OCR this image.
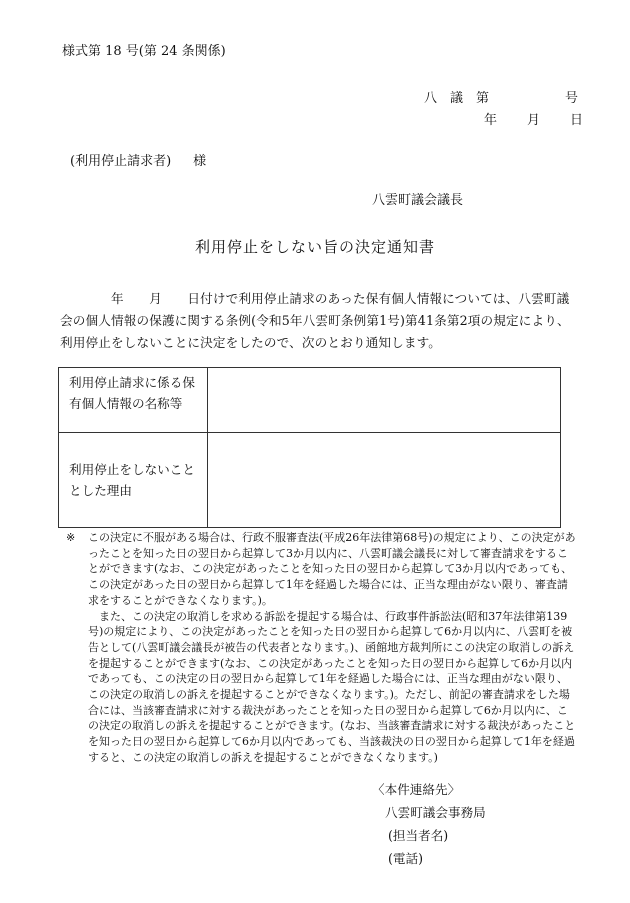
様式第 18 号(第 24 条関係)
八　議　第	号
年 月 日
(利用停止請求者) 様
八雲町議会議長
利用停止をしない旨の決定通知書
　　　　年　　月　　日付けで利用停止請求のあった保有個人情報については、八雲町議会の個人情報の保護に関する条例(令和5年八雲町条例第1号)第41条第2項の規定により、利用停止をしないことに決定をしたので、次のとおり通知します。
利用停止請求に係る保有個人情報の名称等	
利用停止をしないこととした理由	

※ この決定に不服がある場合は、行政不服審査法(平成26年法律第68号)の規定により、この決定があったことを知った日の翌日から起算して3か月以内に、八雲町議会議長に対して審査請求をすることができます(なお、この決定があったことを知った日の翌日から起算して3か月以内であっても、この決定があった日の翌日から起算して1年を経過した場合には、正当な理由がない限り、審査請求をすることができなくなります。)。

また、この決定の取消しを求める訴訟を提起する場合は、行政事件訴訟法(昭和37年法律第139号)の規定により、この決定があったことを知った日の翌日から起算して6か月以内に、八雲町を被告として(八雲町議会議長が被告の代表者となります。)、函館地方裁判所にこの決定の取消しの訴えを提起することができます(なお、この決定があったことを知った日の翌日から起算して6か月以内であっても、この決定の日の翌日から起算して1年を経過した場合には、正当な理由がない限り、この決定の取消しの訴えを提起することができなくなります。)。ただし、前記の審査請求をした場合には、当該審査請求に対する裁決があったことを知った日の翌日から起算して6か月以内に、この決定の取消しの訴えを提起することができます。(なお、当該審査請求に対する裁決があったことを知った日の翌日から起算して6か月以内であっても、当該裁決の日の翌日から起算して1年を経過すると、この決定の取消しの訴えを提起することができなくなります。)

〈本件連絡先〉
八雲町議会事務局
(担当者名)
(電話)
